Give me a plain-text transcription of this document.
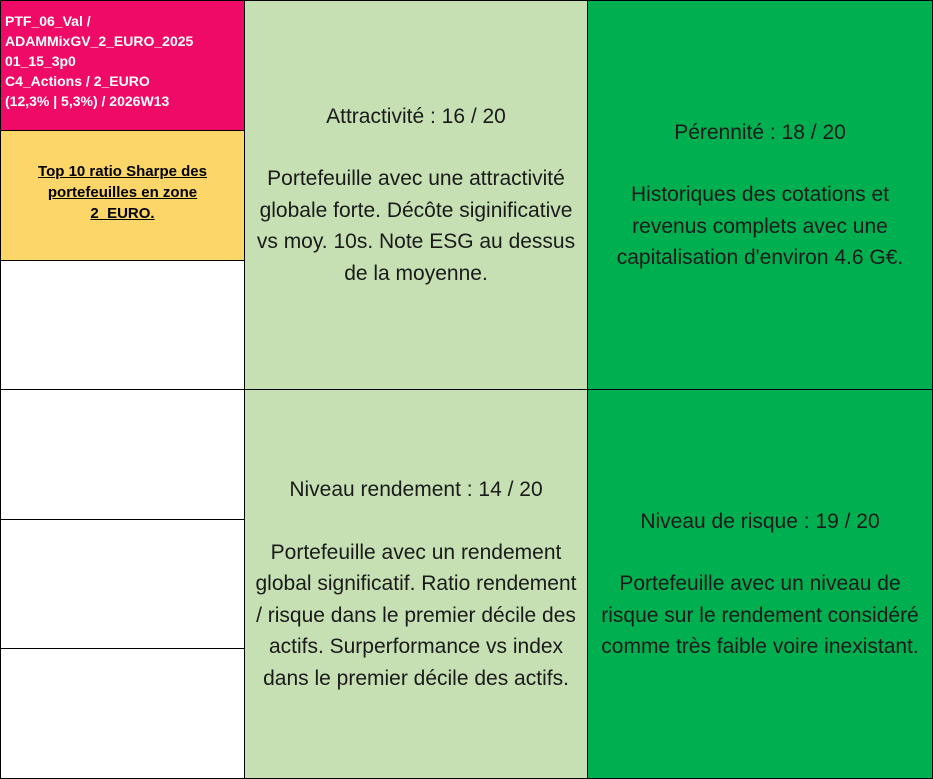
PTF_06_Val /
ADAMMixGV_2_EURO_2025
01_15_3p0
C4_Actions / 2_EURO
(12,3% | 5,3%) / 2026W13
Top 10 ratio Sharpe des portefeuilles en zone 2_EURO.
Attractivité : 16 / 20
Portefeuille avec une attractivité globale forte. Décôte siginificative vs moy. 10s. Note ESG au dessus de la moyenne.
Niveau rendement : 14 / 20
Portefeuille avec un rendement global significatif. Ratio rendement / risque dans le premier décile des actifs. Surperformance vs index dans le premier décile des actifs.
Pérennité : 18 / 20
Historiques des cotations et revenus complets avec une capitalisation d'environ 4.6 G€.
Niveau de risque : 19 / 20
Portefeuille avec un niveau de risque sur le rendement considéré comme très faible voire inexistant.
